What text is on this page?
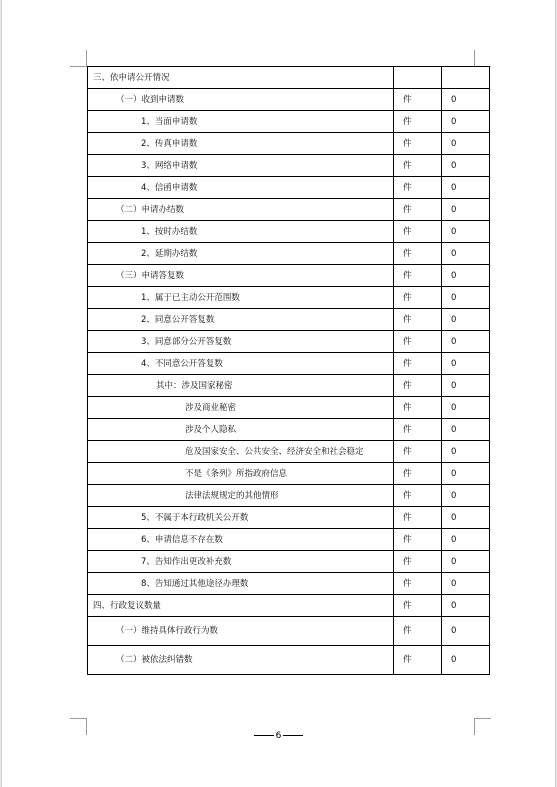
三、依申请公开情况		
（一）收到申请数	件	0
1、当面申请数	件	0
2、传真申请数	件	0
3、网络申请数	件	0
4、信函申请数	件	0
（二）申请办结数	件	0
1、按时办结数	件	0
2、延期办结数	件	0
（三）申请答复数	件	0
1、属于已主动公开范围数	件	0
2、同意公开答复数	件	0
3、同意部分公开答复数	件	0
4、不同意公开答复数	件	0
其中：涉及国家秘密	件	0
涉及商业秘密	件	0
涉及个人隐私	件	0
危及国家安全、公共安全、经济安全和社会稳定	件	0
不是《条列》所指政府信息	件	0
法律法规规定的其他情形	件	0
5、不属于本行政机关公开数	件	0
6、申请信息不存在数	件	0
7、告知作出更改补充数	件	0
8、告知通过其他途径办理数	件	0
四、行政复议数量	件	0
（一）维持具体行政行为数	件	0
（二）被依法纠错数	件	0
6
